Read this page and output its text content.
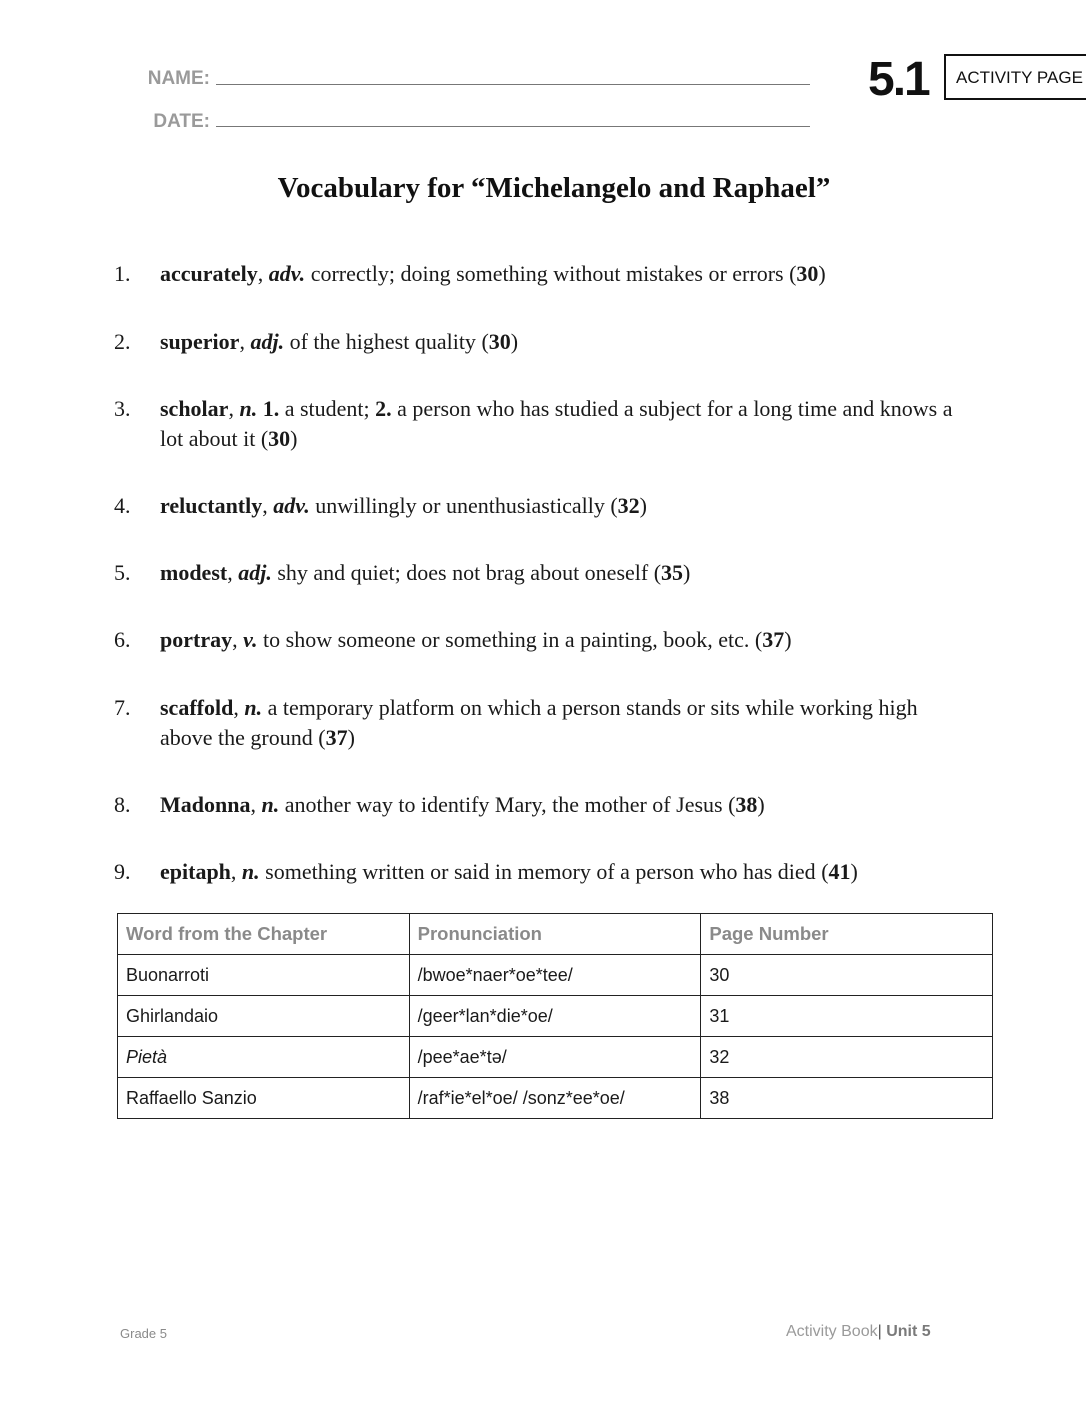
NAME:
DATE:
5.1	ACTIVITY PAGE
Vocabulary for “Michelangelo and Raphael”
1. accurately, adv. correctly; doing something without mistakes or errors (30)
2. superior, adj. of the highest quality (30)
3. scholar, n. 1. a student; 2. a person who has studied a subject for a long time and knows a lot about it (30)
4. reluctantly, adv. unwillingly or unenthusiastically (32)
5. modest, adj. shy and quiet; does not brag about oneself (35)
6. portray, v. to show someone or something in a painting, book, etc. (37)
7. scaffold, n. a temporary platform on which a person stands or sits while working high above the ground (37)
8. Madonna, n. another way to identify Mary, the mother of Jesus (38)
9. epitaph, n. something written or said in memory of a person who has died (41)
Word from the Chapter	Pronunciation	Page Number
Buonarroti	/bwoe*naer*oe*tee/	30
Ghirlandaio	/geer*lan*die*oe/	31
Pietà	/pee*ae*tə/	32
Raffaello Sanzio	/raf*ie*el*oe/ /sonz*ee*oe/	38
Grade 5	Activity Book| Unit 5
